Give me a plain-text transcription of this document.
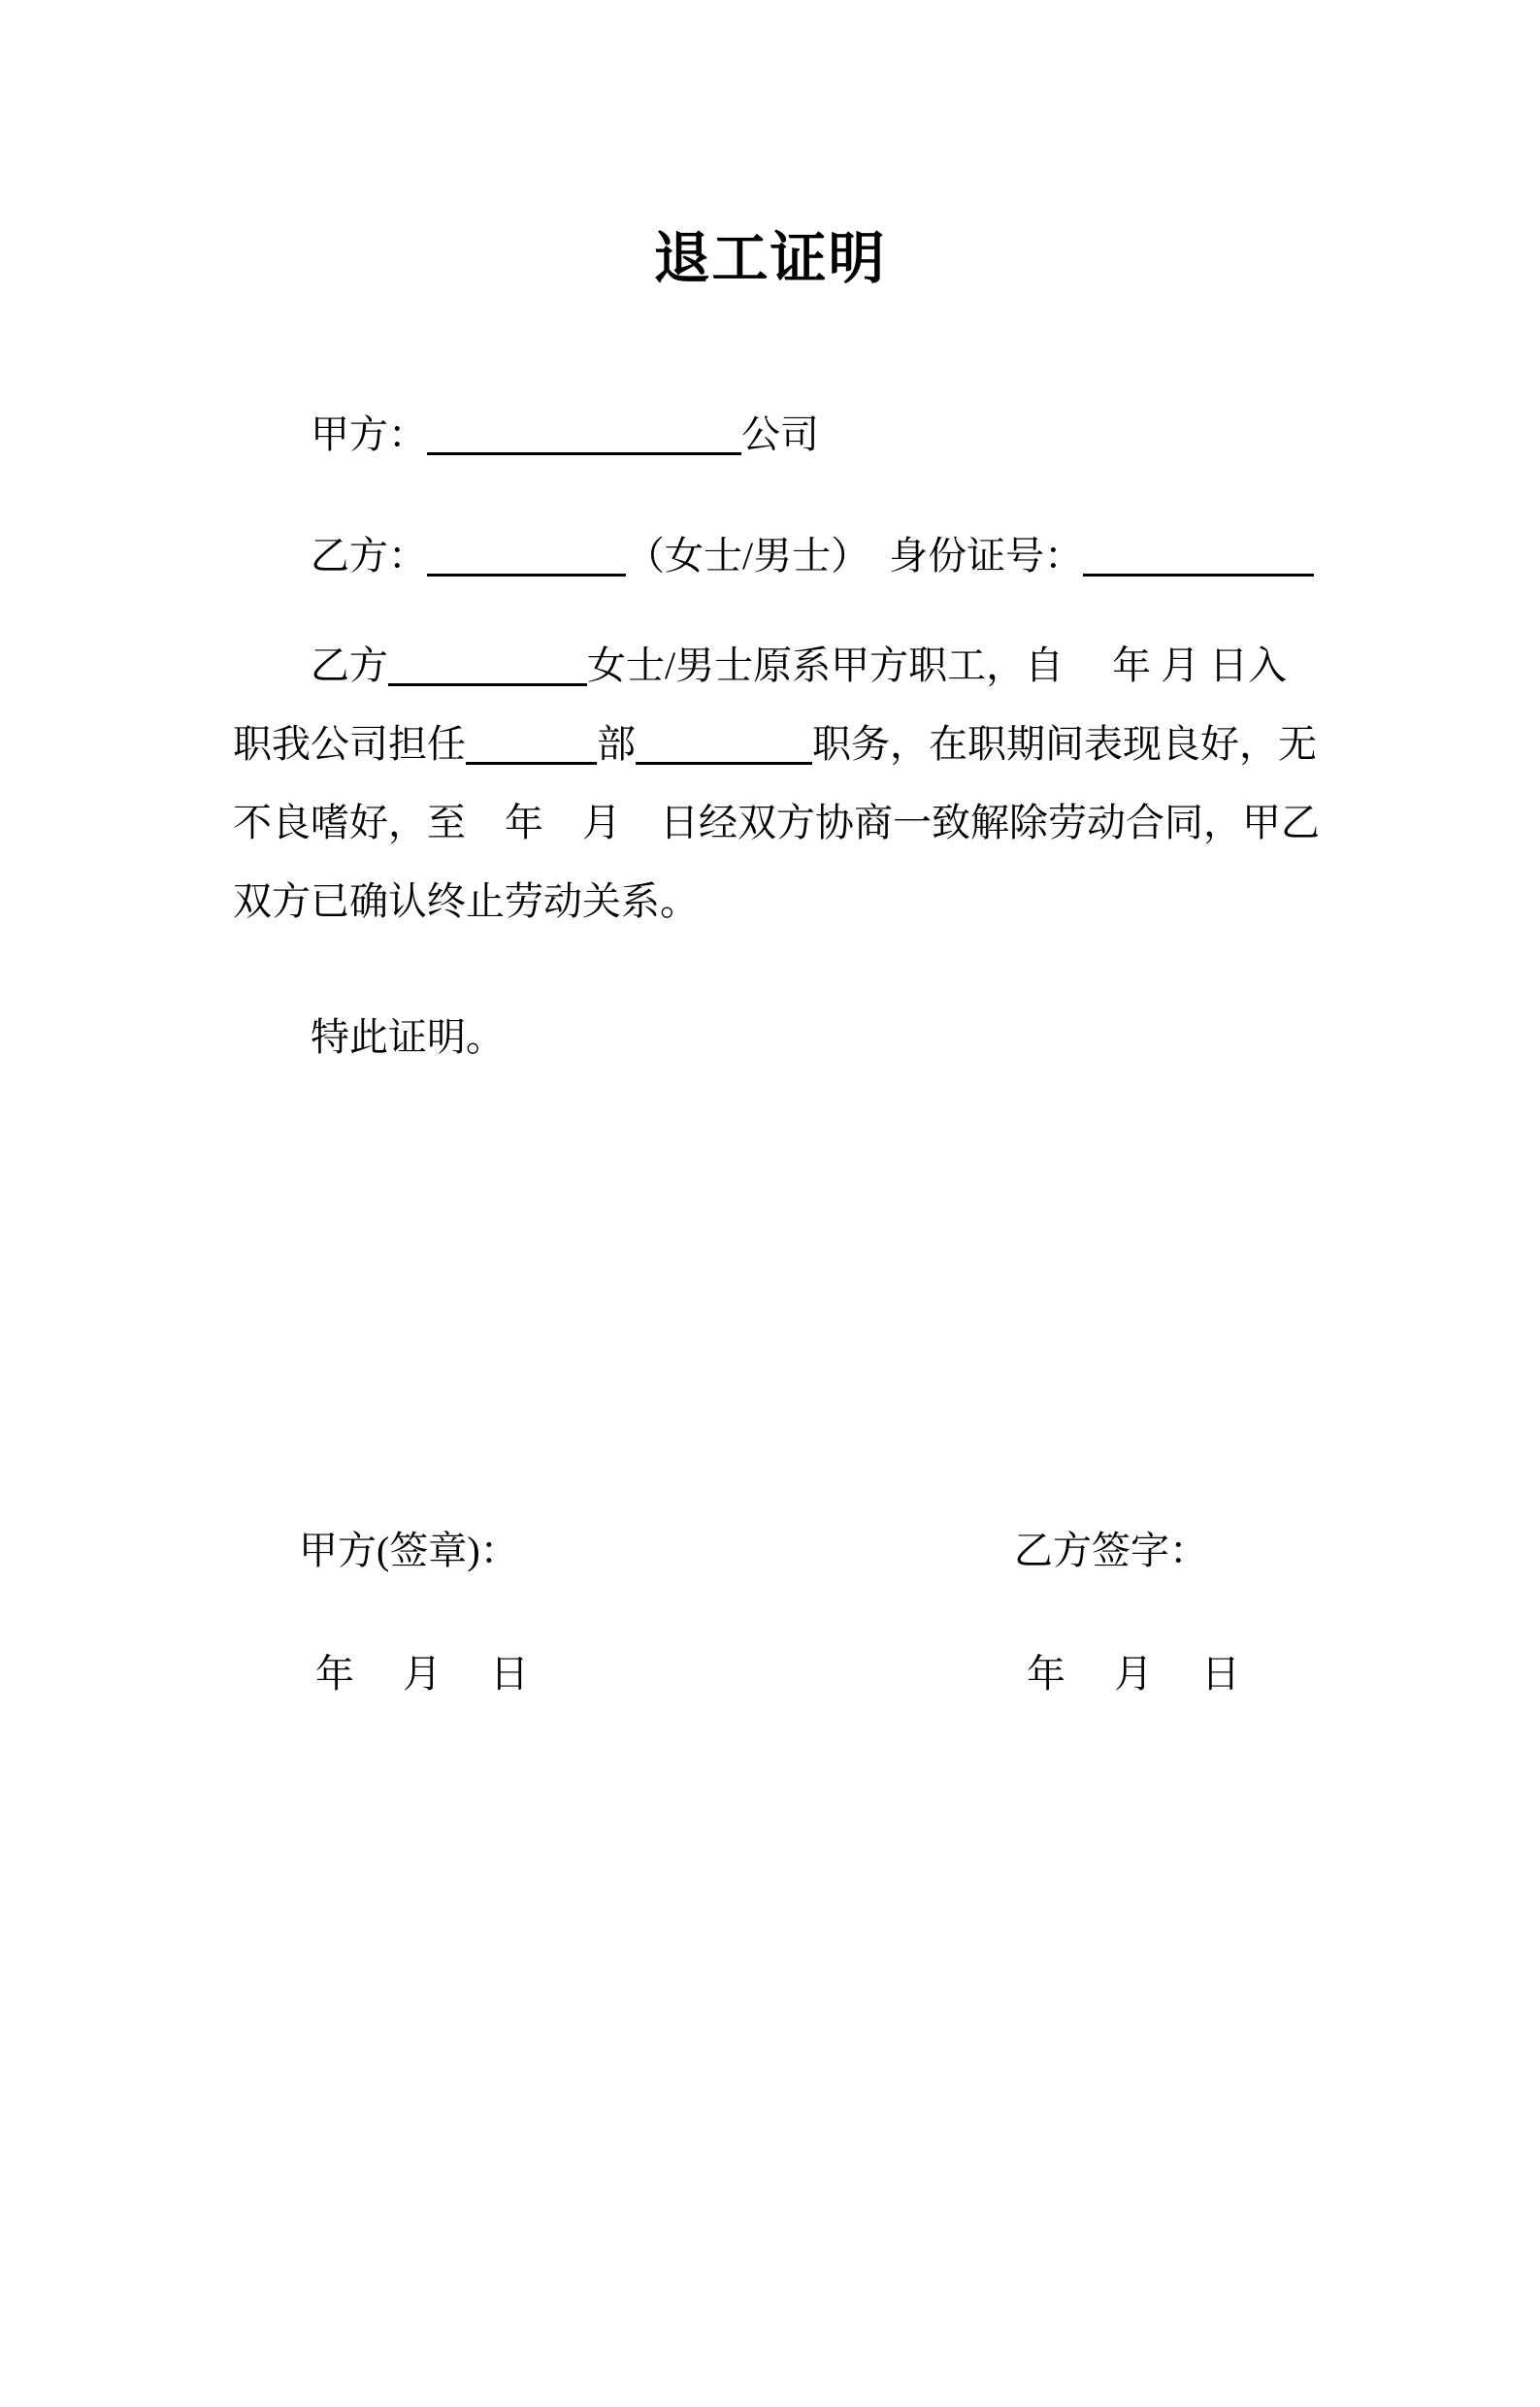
退工证明
甲方：	公司
乙方：	（女士/男士）　身份证号：
乙方	女士/男士原系甲方职工，自　 年 月 日入
职我公司担任	部	职务，在职期间表现良好，无
不良嗜好，至　年　月　日经双方协商一致解除劳动合同，甲乙
双方已确认终止劳动关系。
特此证明。
甲方(签章)：	乙方签字：
年　 月　 日	年　 月　 日
